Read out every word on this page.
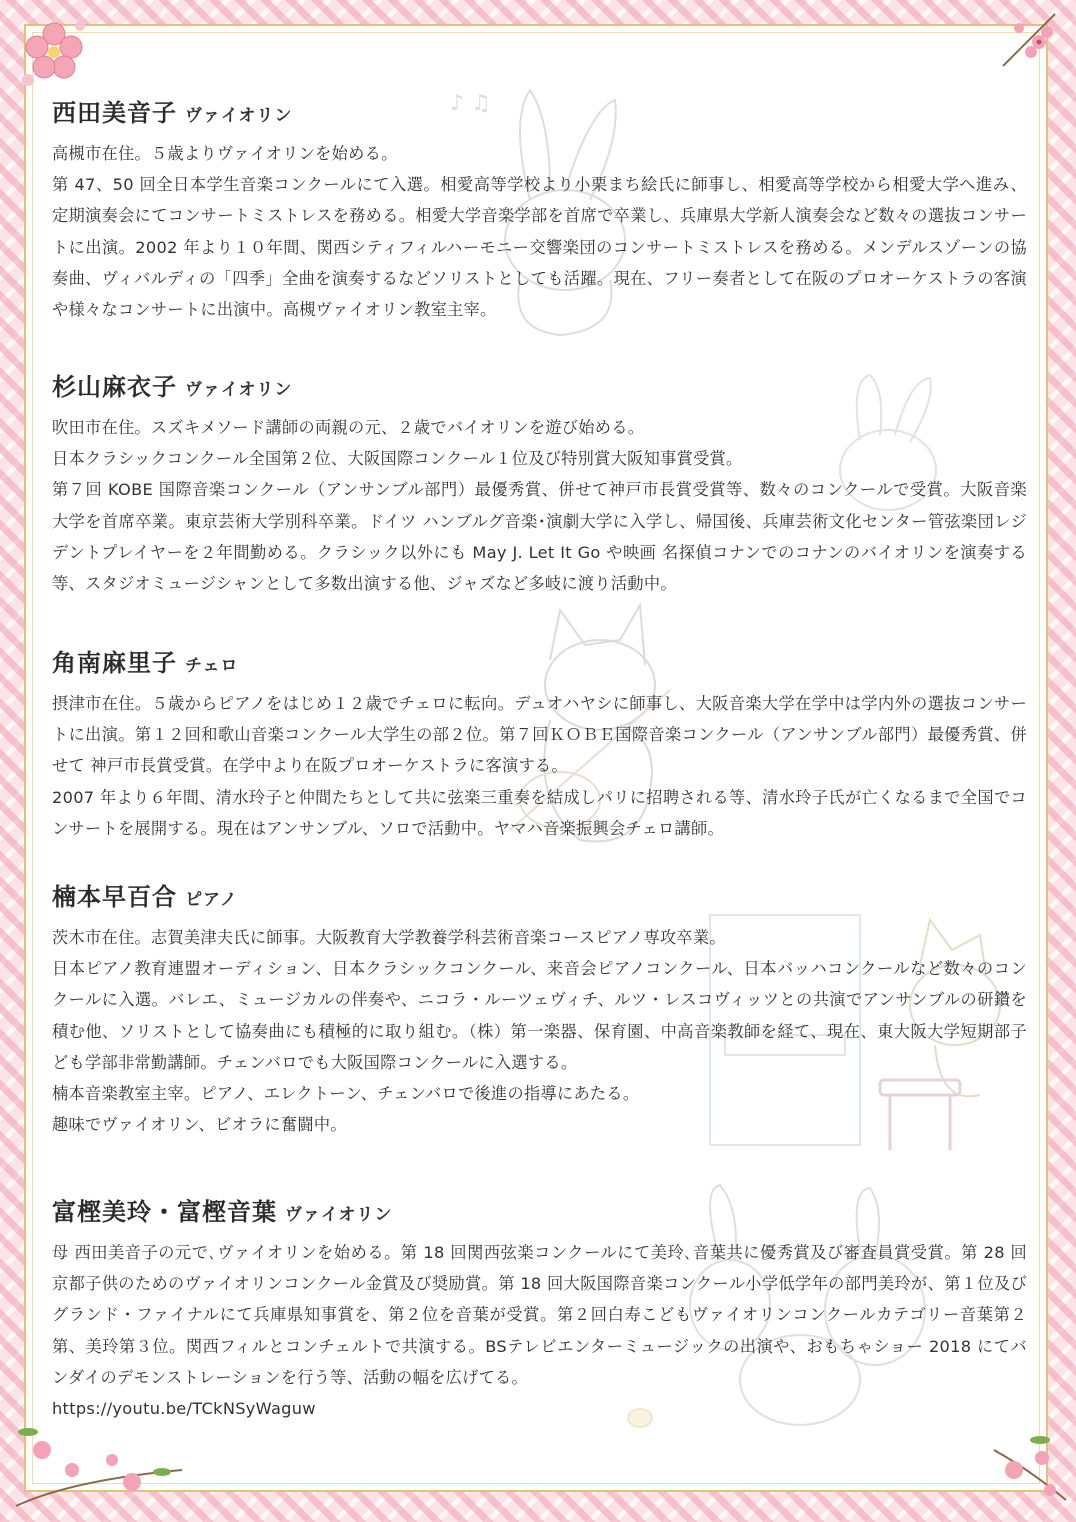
♪ ♫
西田美音子 ヴァイオリン

高槻市在住。５歳よりヴァイオリンを始める。

第 47、50 回全日本学生音楽コンクールにて入選。相愛高等学校より小栗まち絵氏に師事し、相愛高等学校から相愛大学へ進み、定期演奏会にてコンサートミストレスを務める。相愛大学音楽学部を首席で卒業し、兵庫県大学新人演奏会など数々の選抜コンサートに出演。2002 年より１０年間、関西シティフィルハーモニー交響楽団のコンサートミストレスを務める。メンデルスゾーンの協奏曲、ヴィバルディの「四季」全曲を演奏するなどソリストとしても活躍。現在、フリー奏者として在阪のプロオーケストラの客演や様々なコンサートに出演中。高槻ヴァイオリン教室主宰。

杉山麻衣子 ヴァイオリン

吹田市在住。スズキメソード講師の両親の元、２歳でバイオリンを遊び始める。

日本クラシックコンクール全国第２位、大阪国際コンクール１位及び特別賞大阪知事賞受賞。

第７回 KOBE 国際音楽コンクール（アンサンブル部門）最優秀賞、併せて神戸市長賞受賞等、数々のコンクールで受賞。大阪音楽大学を首席卒業。東京芸術大学別科卒業。ドイツ ハンブルグ音楽･演劇大学に入学し、帰国後、兵庫芸術文化センター管弦楽団レジデントプレイヤーを２年間勤める。クラシック以外にも May J. Let It Go や映画 名探偵コナンでのコナンのバイオリンを演奏する等、スタジオミュージシャンとして多数出演する他、ジャズなど多岐に渡り活動中。

角南麻里子 チェロ

摂津市在住。５歳からピアノをはじめ１２歳でチェロに転向。デュオハヤシに師事し、大阪音楽大学在学中は学内外の選抜コンサートに出演。第１２回和歌山音楽コンクール大学生の部２位。第７回ＫＯＢＥ国際音楽コンクール（アンサンブル部門）最優秀賞、併せて 神戸市長賞受賞。在学中より在阪プロオーケストラに客演する。

2007 年より６年間、清水玲子と仲間たちとして共に弦楽三重奏を結成しパリに招聘される等、清水玲子氏が亡くなるまで全国でコンサートを展開する。現在はアンサンブル、ソロで活動中。ヤマハ音楽振興会チェロ講師。

楠本早百合 ピアノ

茨木市在住。志賀美津夫氏に師事。大阪教育大学教養学科芸術音楽コースピアノ専攻卒業。

日本ピアノ教育連盟オーディション、日本クラシックコンクール、来音会ピアノコンクール、日本バッハコンクールなど数々のコンクールに入選。バレエ、ミュージカルの伴奏や、ニコラ・ルーツェヴィチ、ルツ・レスコヴィッツとの共演でアンサンブルの研鑽を積む他、ソリストとして協奏曲にも積極的に取り組む。（株）第一楽器、保育園、中高音楽教師を経て、現在、東大阪大学短期部子ども学部非常勤講師。チェンバロでも大阪国際コンクールに入選する。

楠本音楽教室主宰。ピアノ、エレクトーン、チェンバロで後進の指導にあたる。

趣味でヴァイオリン、ビオラに奮闘中。

富樫美玲・富樫音葉 ヴァイオリン

母 西田美音子の元で､ヴァイオリンを始める。第 18 回関西弦楽コンクールにて美玲､音葉共に優秀賞及び審査員賞受賞。第 28 回京都子供のためのヴァイオリンコンクール金賞及び奨励賞。第 18 回大阪国際音楽コンクール小学低学年の部門美玲が、第１位及びグランド・ファイナルにて兵庫県知事賞を、第２位を音葉が受賞。第２回白寿こどもヴァイオリンコンクールカテゴリー音葉第２第、美玲第３位。関西フィルとコンチェルトで共演する。BSテレビエンターミュージックの出演や、おもちゃショー 2018 にてバンダイのデモンストレーションを行う等、活動の幅を広げてる。

https://youtu.be/TCkNSyWaguw
